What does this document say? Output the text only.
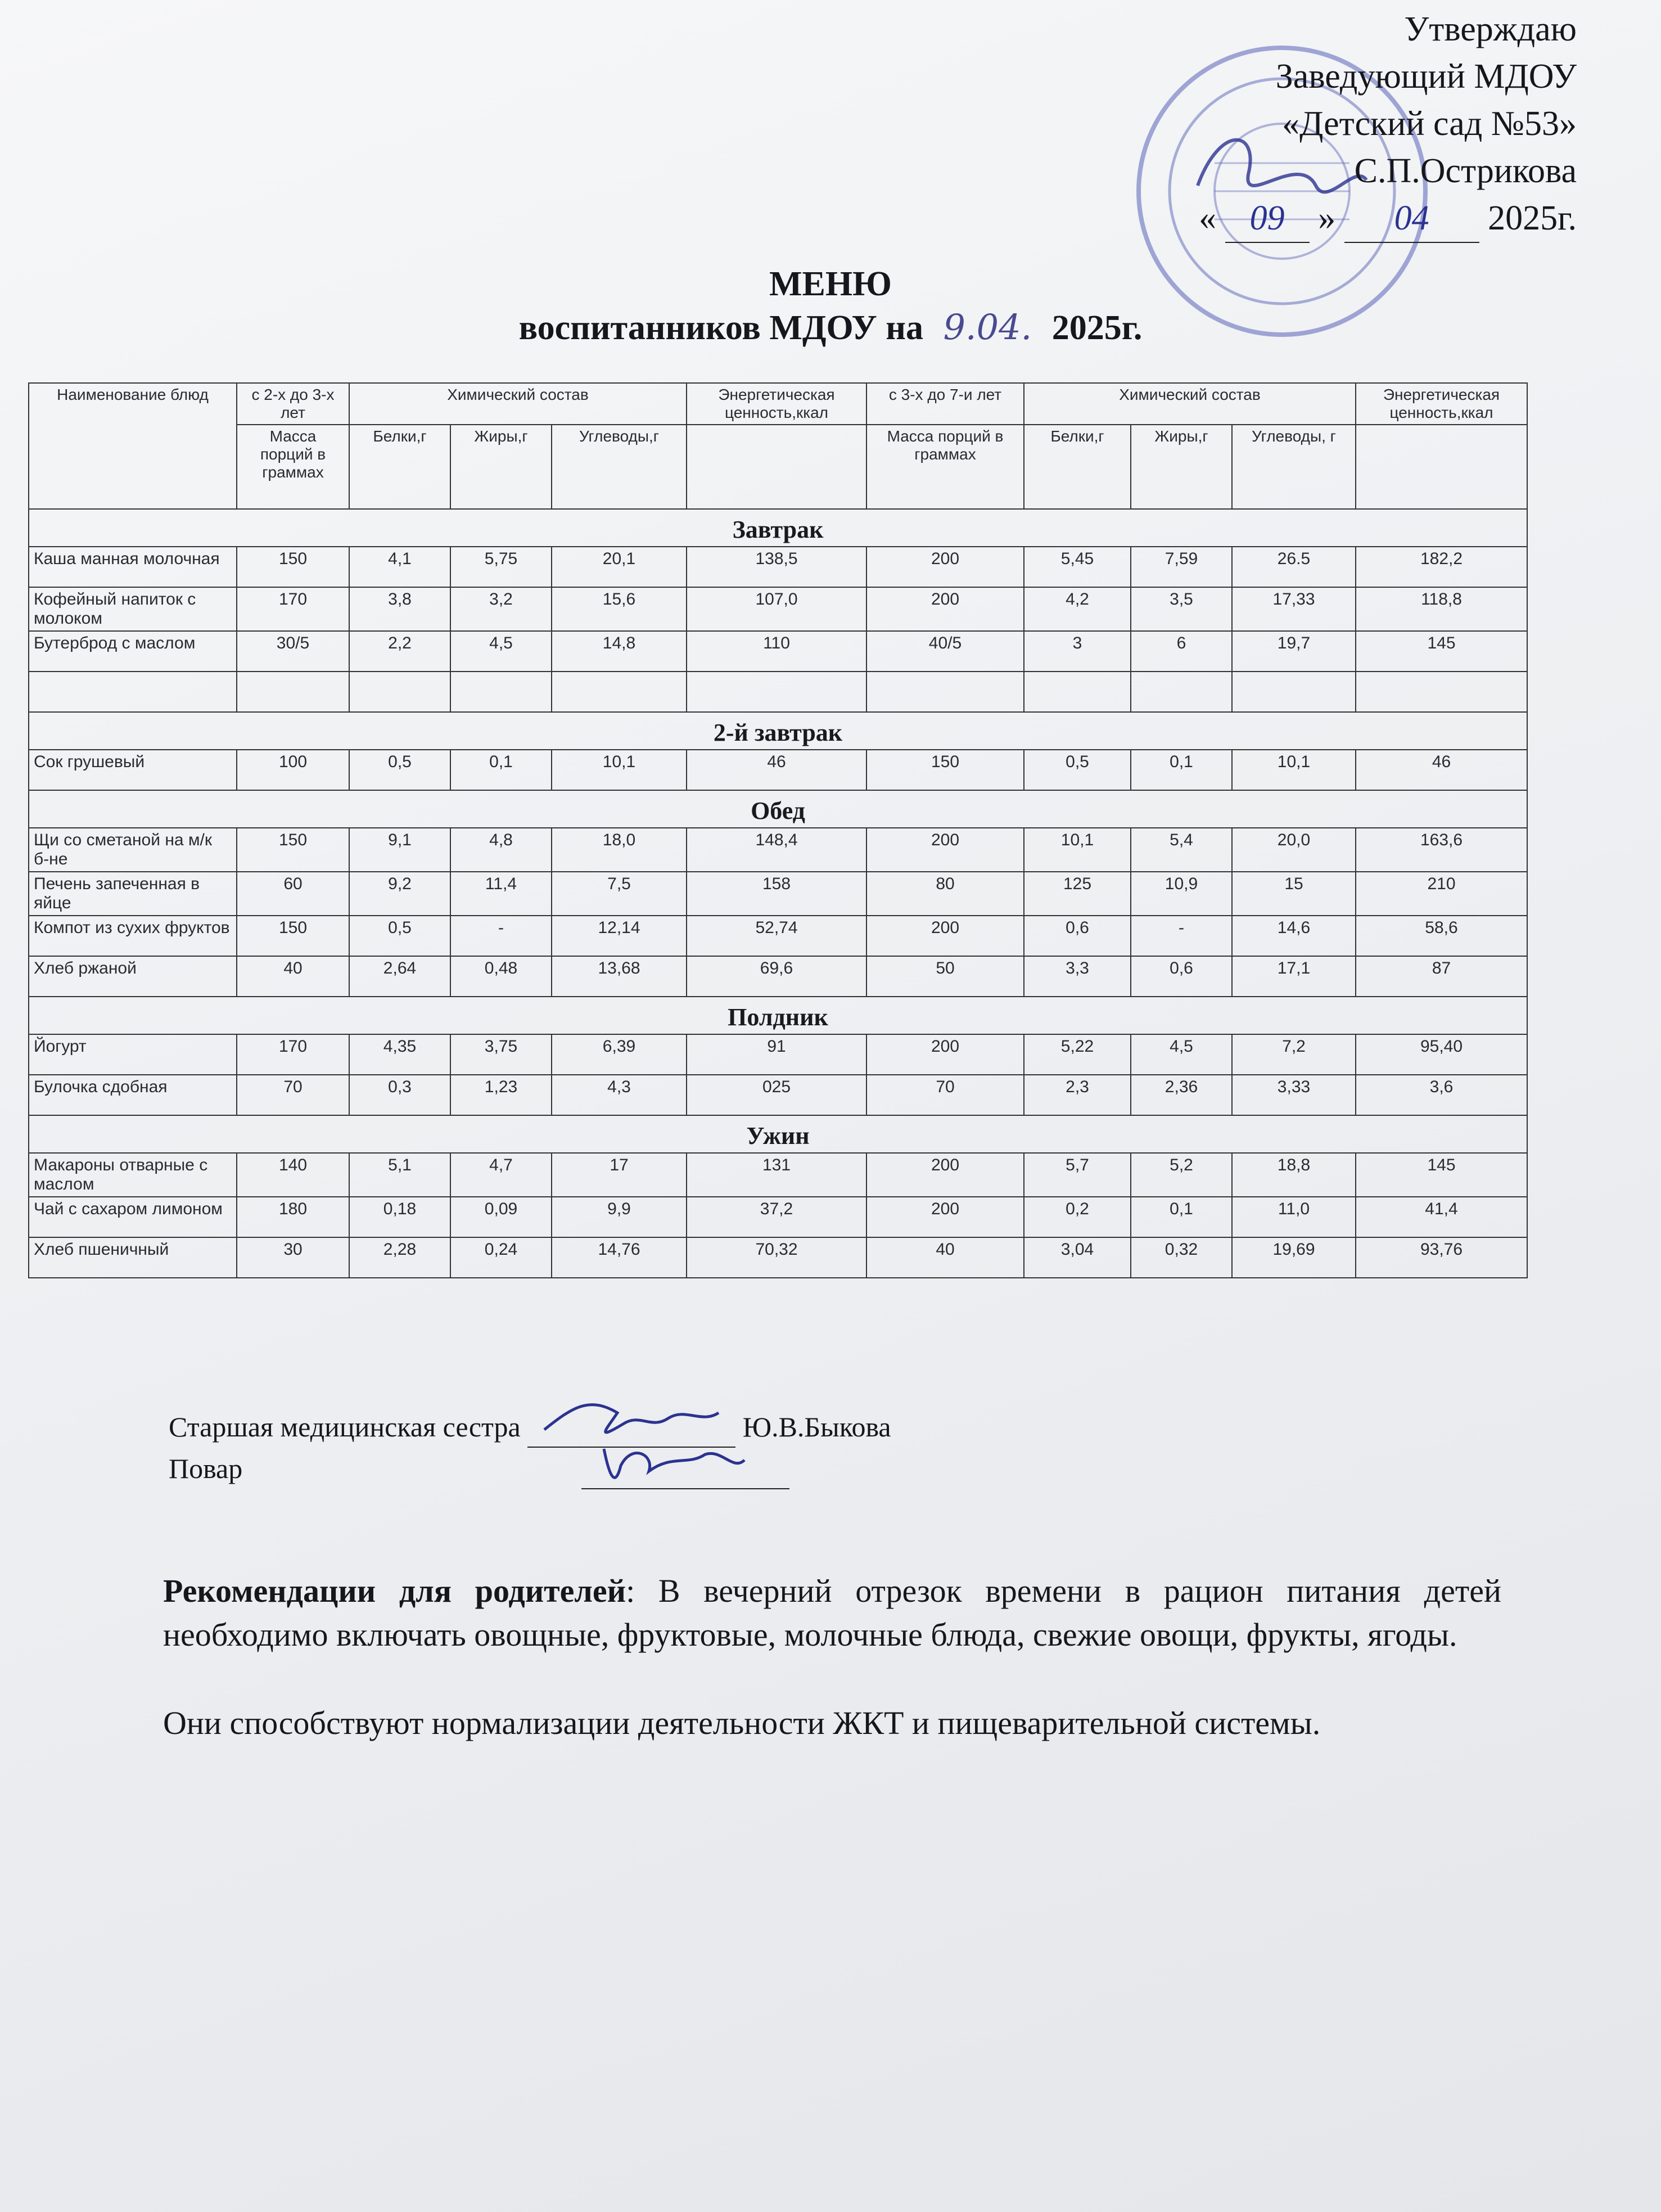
Утверждаю
Заведующий МДОУ
«Детский сад №53»
С.П.Острикова
« 09 » 04 2025г.
МЕНЮ
воспитанников МДОУ на 9.04. 2025г.
Наименование блюд	с 2-х до 3-х лет	Химический состав			Энергетическая ценность,ккал	с 3-х до 7-и лет	Химический состав			Энергетическая ценность,ккал
	Масса порций в граммах	Белки,г	Жиры,г	Углеводы,г		Масса порций в граммах	Белки,г	Жиры,г	Углеводы, г	
Завтрак										
Каша манная молочная	150	4,1	5,75	20,1	138,5	200	5,45	7,59	26.5	182,2
Кофейный напиток с молоком	170	3,8	3,2	15,6	107,0	200	4,2	3,5	17,33	118,8
Бутерброд с маслом	30/5	2,2	4,5	14,8	110	40/5	3	6	19,7	145

2-й завтрак										
Сок грушевый	100	0,5	0,1	10,1	46	150	0,5	0,1	10,1	46
Обед										
Щи со сметаной на м/к б-не	150	9,1	4,8	18,0	148,4	200	10,1	5,4	20,0	163,6
Печень запеченная в яйце	60	9,2	11,4	7,5	158	80	125	10,9	15	210
Компот из сухих фруктов	150	0,5	-	12,14	52,74	200	0,6	-	14,6	58,6
Хлеб ржаной	40	2,64	0,48	13,68	69,6	50	3,3	0,6	17,1	87
Полдник										
Йогурт	170	4,35	3,75	6,39	91	200	5,22	4,5	7,2	95,40
Булочка сдобная	70	0,3	1,23	4,3	025	70	2,3	2,36	3,33	3,6
Ужин										
Макароны отварные с маслом	140	5,1	4,7	17	131	200	5,7	5,2	18,8	145
Чай с сахаром лимоном	180	0,18	0,09	9,9	37,2	200	0,2	0,1	11,0	41,4
Хлеб пшеничный	30	2,28	0,24	14,76	70,32	40	3,04	0,32	19,69	93,76
Старшая медицинская сестра	Ю.В.Быкова
Повар
Рекомендации для родителей: В вечерний отрезок времени в рацион питания детей необходимо включать овощные, фруктовые, молочные блюда, свежие овощи, фрукты, ягоды.
Они способствуют нормализации деятельности ЖКТ и пищеварительной системы.
